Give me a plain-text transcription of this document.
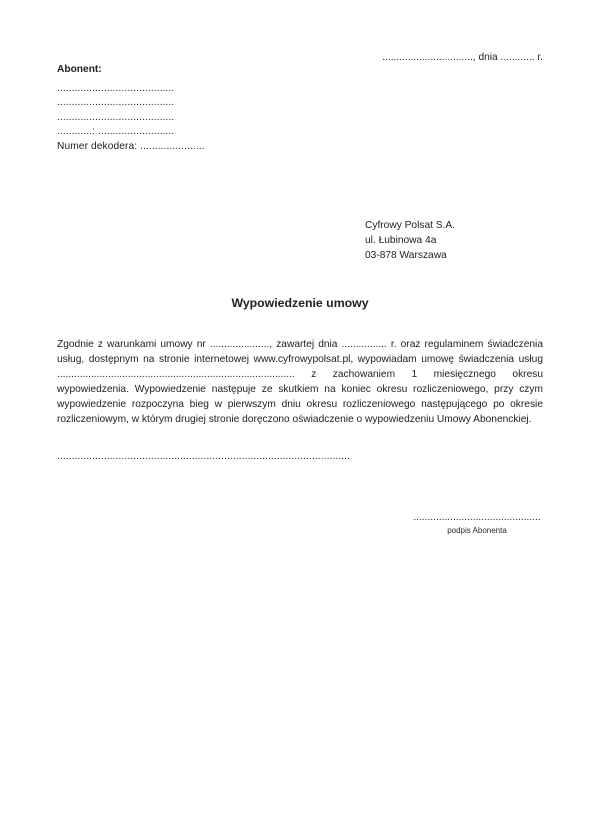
................................, dnia ............ r.
Abonent:
........................................
........................................
........................................
............: ..........................
Numer dekodera: ......................
Cyfrowy Polsat S.A.
ul. Łubinowa 4a
03-878 Warszawa
Wypowiedzenie umowy

Zgodnie z warunkami umowy nr ....................., zawartej dnia ................ r. oraz regulaminem świadczenia usług, dostępnym na stronie internetowej www.cyfrowypolsat.pl, wypowiadam umowę świadczenia usług .................................................................................... z zachowaniem 1 miesięcznego okresu wypowiedzenia. Wypowiedzenie następuje ze skutkiem na koniec okresu rozliczeniowego, przy czym wypowiedzenie rozpoczyna bieg w pierwszym dniu okresu rozliczeniowego następującego po okresie rozliczeniowym, w którym drugiej stronie doręczono oświadczenie o wypowiedzeniu Umowy Abonenckiej.

....................................................................................................
.............................................
podpis Abonenta
